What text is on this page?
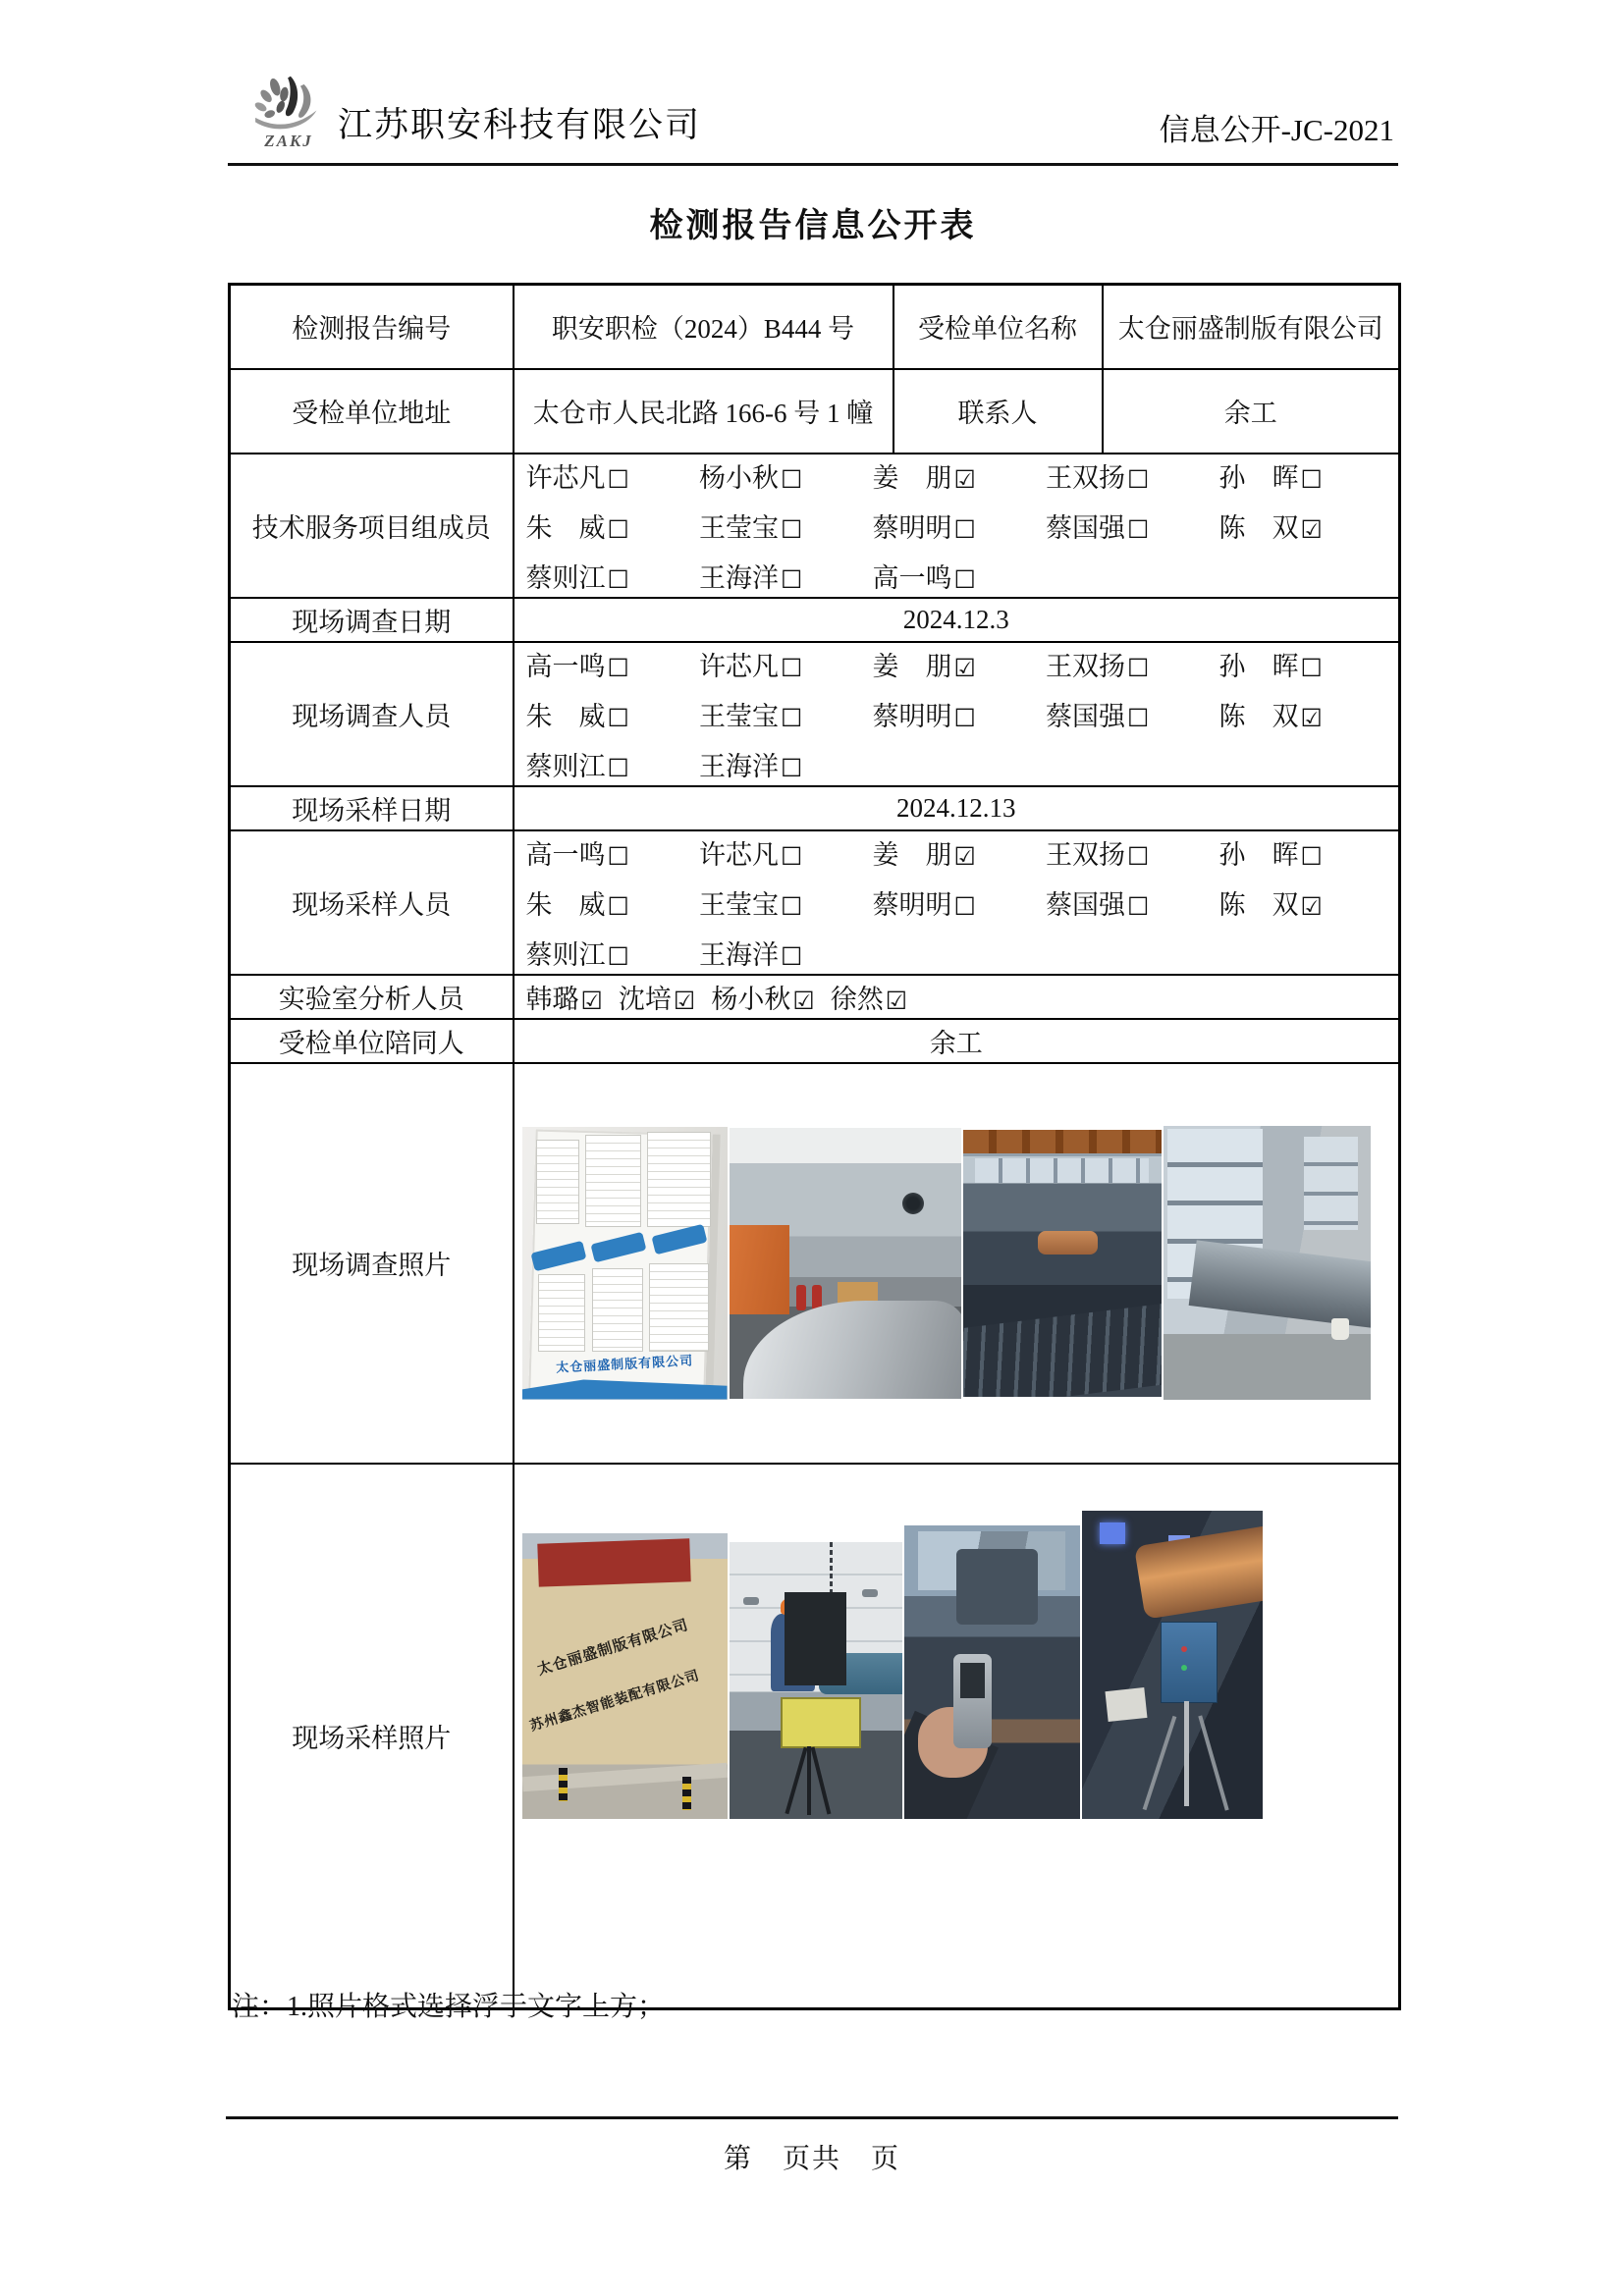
ZAKJ 江苏职安科技有限公司	信息公开-JC-2021
检测报告信息公开表
检测报告编号	职安职检（2024）B444 号	受检单位名称	太仓丽盛制版有限公司
受检单位地址	太仓市人民北路 166-6 号 1 幢	联系人	余工
技术服务项目组成员	
许芯凡☐	杨小秋☐	姜　朋☑	王双扬☐	孙　晖☐
朱　威☐	王莹宝☐	蔡明明☐	蔡国强☐	陈　双☑
蔡则江☐	王海洋☐	高一鸣☐

现场调查日期	2024.12.3		
现场调查人员	
高一鸣☐	许芯凡☐	姜　朋☑	王双扬☐	孙　晖☐
朱　威☐	王莹宝☐	蔡明明☐	蔡国强☐	陈　双☑
蔡则江☐	王海洋☐

现场采样日期	2024.12.13		
现场采样人员	
高一鸣☐	许芯凡☐	姜　朋☑	王双扬☐	孙　晖☐
朱　威☐	王莹宝☐	蔡明明☐	蔡国强☐	陈　双☑
蔡则江☐	王海洋☐

实验室分析人员	韩璐☑ 沈培☑ 杨小秋☑ 徐然☑		

受检单位陪同人	余工		
现场调查照片	太仓丽盛制版有限公司		

现场采样照片	太仓丽盛制版有限公司
苏州鑫杰智能装配有限公司		
注：1.照片格式选择浮于文字上方；
第　页共　页
